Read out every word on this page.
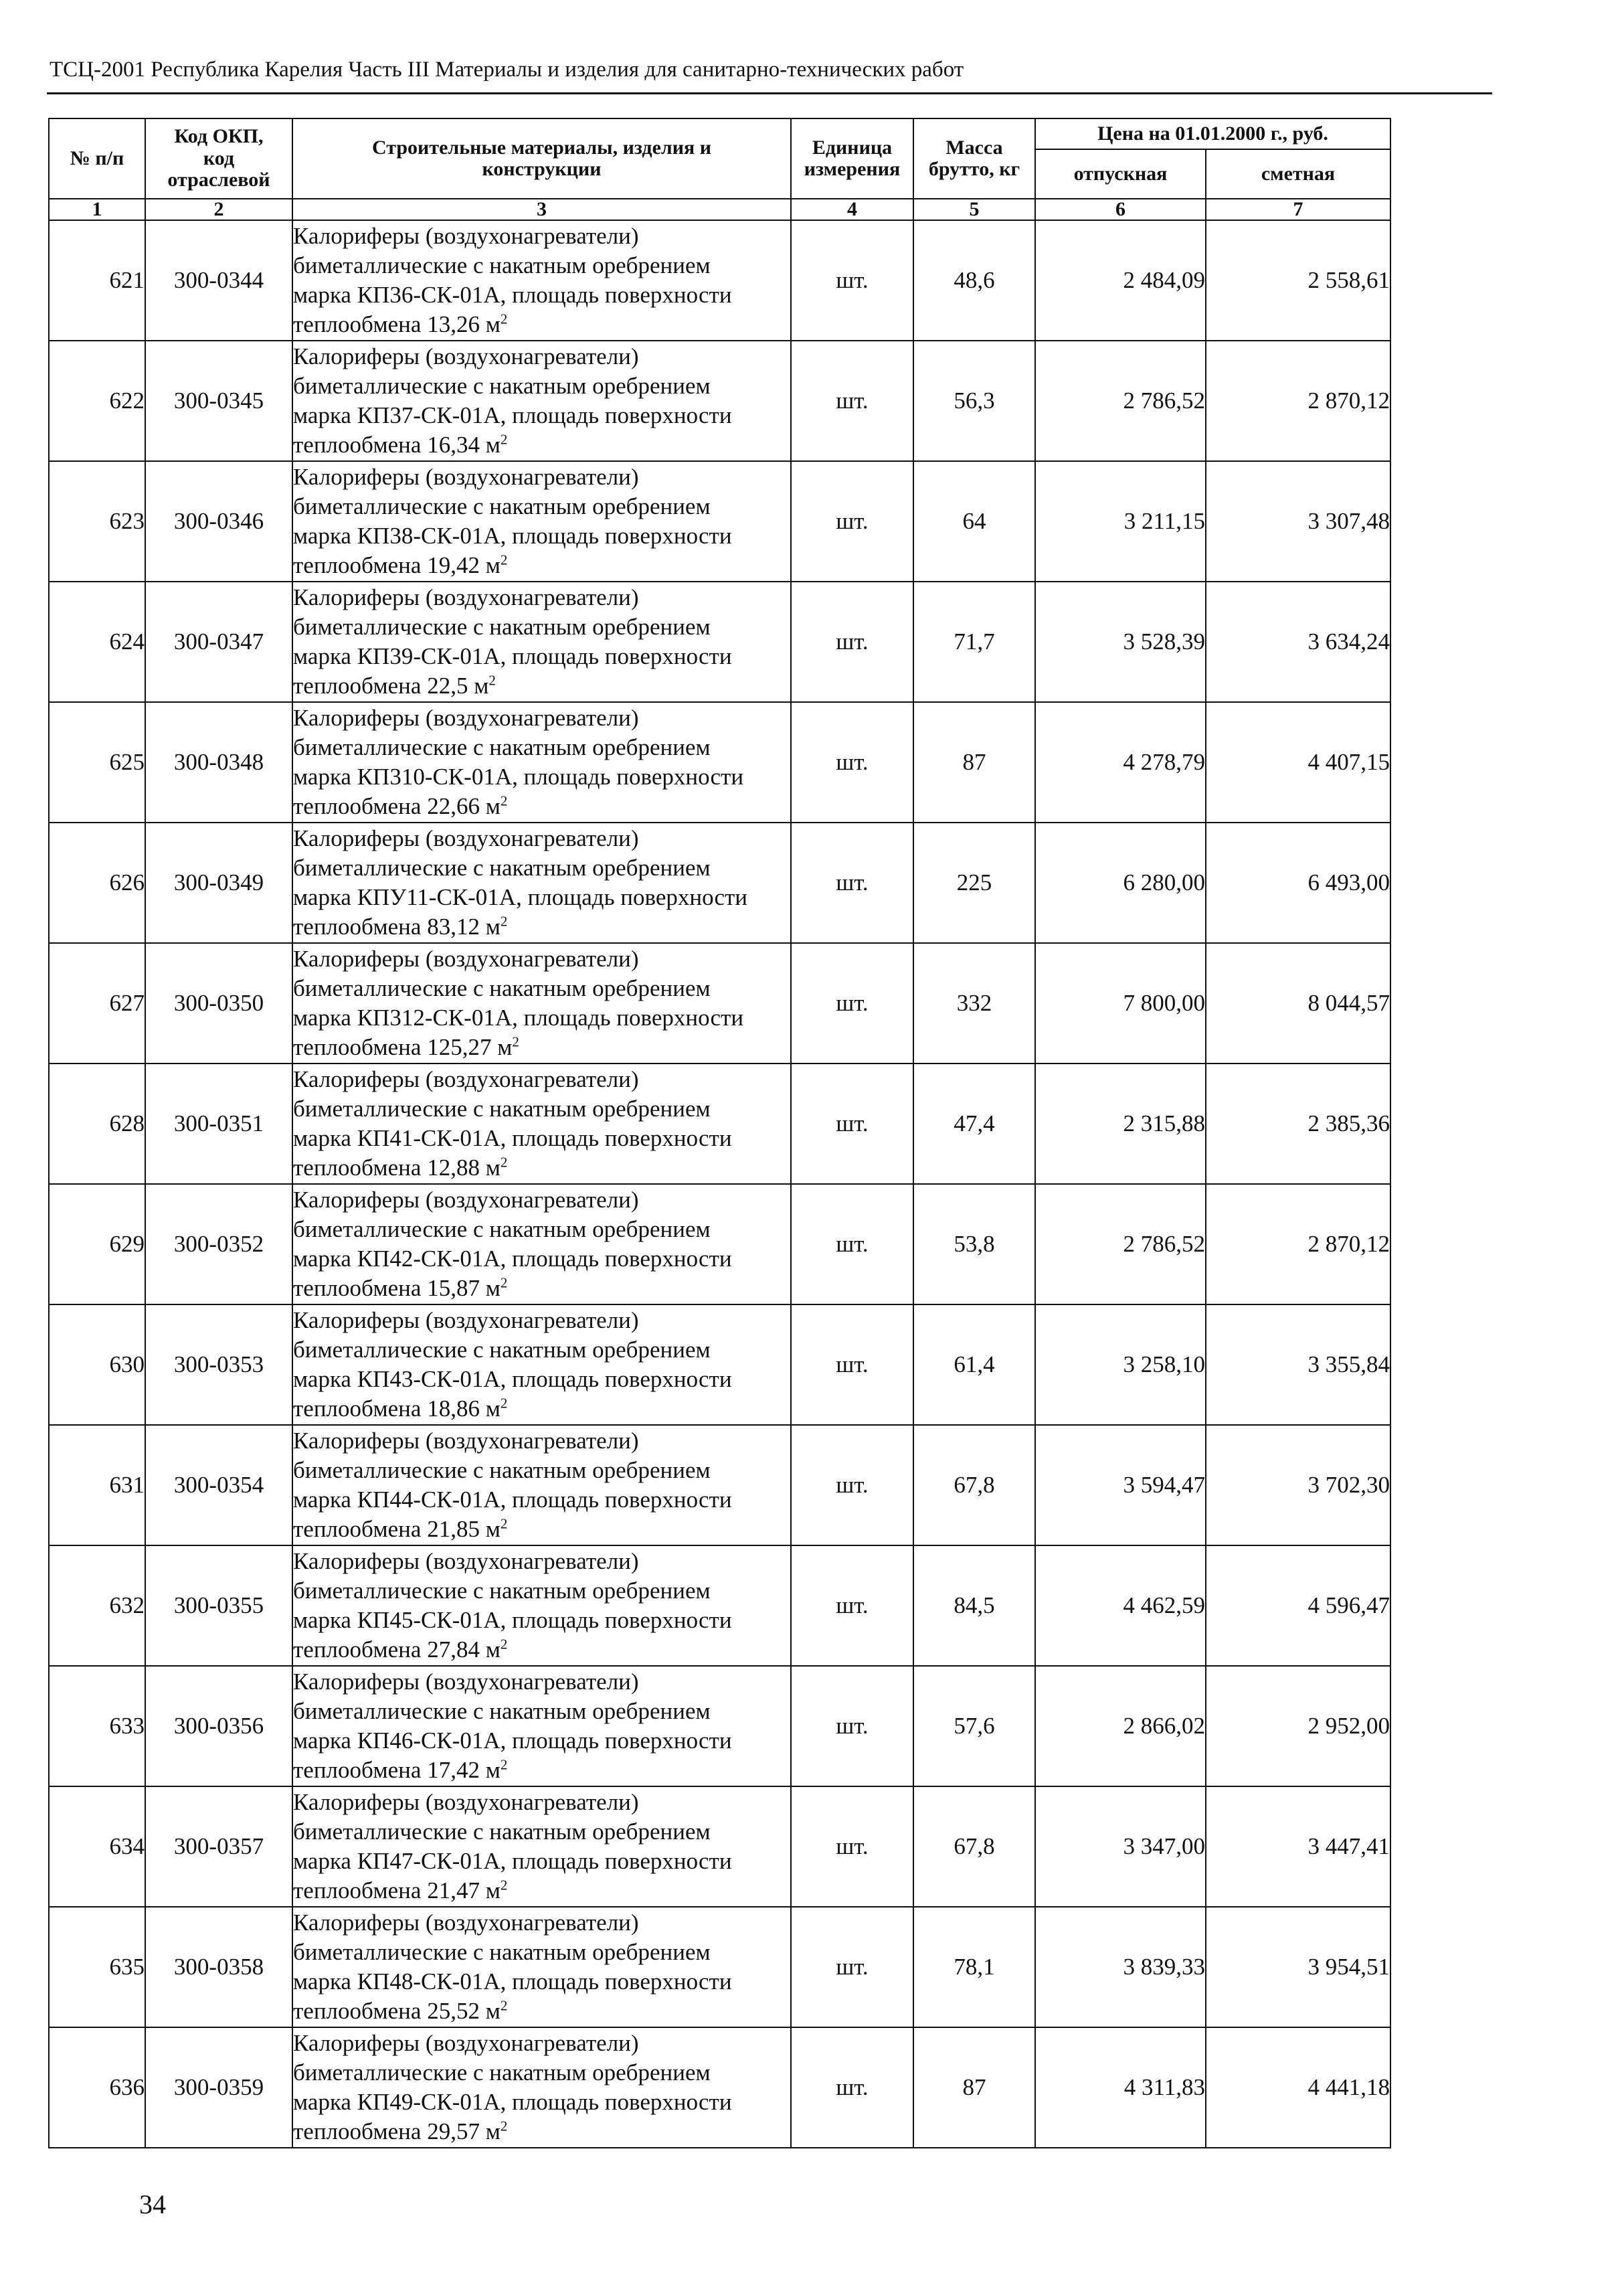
ТСЦ-2001 Республика Карелия Часть III Материалы и изделия для санитарно-технических работ
№ п/п	Код ОКП,
код
отраслевой	Строительные материалы, изделия и
конструкции	Единица
измерения	Масса
брутто, кг	Цена на 01.01.2000 г., руб.	
					отпускная	сметная
1	2	3	4	5	6	7
621	300-0344	Калориферы (воздухонагреватели)
биметаллические с накатным оребрением
марка КП36-СК-01А, площадь поверхности
теплообмена 13,26 $м^2$	шт.	48,6	2 484,09	2 558,61
622	300-0345	Калориферы (воздухонагреватели)
биметаллические с накатным оребрением
марка КП37-СК-01А, площадь поверхности
теплообмена 16,34 $м^2$	шт.	56,3	2 786,52	2 870,12
623	300-0346	Калориферы (воздухонагреватели)
биметаллические с накатным оребрением
марка КП38-СК-01А, площадь поверхности
теплообмена 19,42 $м^2$	шт.	64	3 211,15	3 307,48
624	300-0347	Калориферы (воздухонагреватели)
биметаллические с накатным оребрением
марка КП39-СК-01А, площадь поверхности
теплообмена 22,5 $м^2$	шт.	71,7	3 528,39	3 634,24
625	300-0348	Калориферы (воздухонагреватели)
биметаллические с накатным оребрением
марка КП310-СК-01А, площадь поверхности
теплообмена 22,66 $м^2$	шт.	87	4 278,79	4 407,15
626	300-0349	Калориферы (воздухонагреватели)
биметаллические с накатным оребрением
марка КПУ11-СК-01А, площадь поверхности
теплообмена 83,12 $м^2$	шт.	225	6 280,00	6 493,00
627	300-0350	Калориферы (воздухонагреватели)
биметаллические с накатным оребрением
марка КП312-СК-01А, площадь поверхности
теплообмена 125,27 $м^2$	шт.	332	7 800,00	8 044,57
628	300-0351	Калориферы (воздухонагреватели)
биметаллические с накатным оребрением
марка КП41-СК-01А, площадь поверхности
теплообмена 12,88 $м^2$	шт.	47,4	2 315,88	2 385,36
629	300-0352	Калориферы (воздухонагреватели)
биметаллические с накатным оребрением
марка КП42-СК-01А, площадь поверхности
теплообмена 15,87 $м^2$	шт.	53,8	2 786,52	2 870,12
630	300-0353	Калориферы (воздухонагреватели)
биметаллические с накатным оребрением
марка КП43-СК-01А, площадь поверхности
теплообмена 18,86 $м^2$	шт.	61,4	3 258,10	3 355,84
631	300-0354	Калориферы (воздухонагреватели)
биметаллические с накатным оребрением
марка КП44-СК-01А, площадь поверхности
теплообмена 21,85 $м^2$	шт.	67,8	3 594,47	3 702,30
632	300-0355	Калориферы (воздухонагреватели)
биметаллические с накатным оребрением
марка КП45-СК-01А, площадь поверхности
теплообмена 27,84 $м^2$	шт.	84,5	4 462,59	4 596,47
633	300-0356	Калориферы (воздухонагреватели)
биметаллические с накатным оребрением
марка КП46-СК-01А, площадь поверхности
теплообмена 17,42 $м^2$	шт.	57,6	2 866,02	2 952,00
634	300-0357	Калориферы (воздухонагреватели)
биметаллические с накатным оребрением
марка КП47-СК-01А, площадь поверхности
теплообмена 21,47 $м^2$	шт.	67,8	3 347,00	3 447,41
635	300-0358	Калориферы (воздухонагреватели)
биметаллические с накатным оребрением
марка КП48-СК-01А, площадь поверхности
теплообмена 25,52 $м^2$	шт.	78,1	3 839,33	3 954,51
636	300-0359	Калориферы (воздухонагреватели)
биметаллические с накатным оребрением
марка КП49-СК-01А, площадь поверхности
теплообмена 29,57 $м^2$	шт.	87	4 311,83	4 441,18
34
